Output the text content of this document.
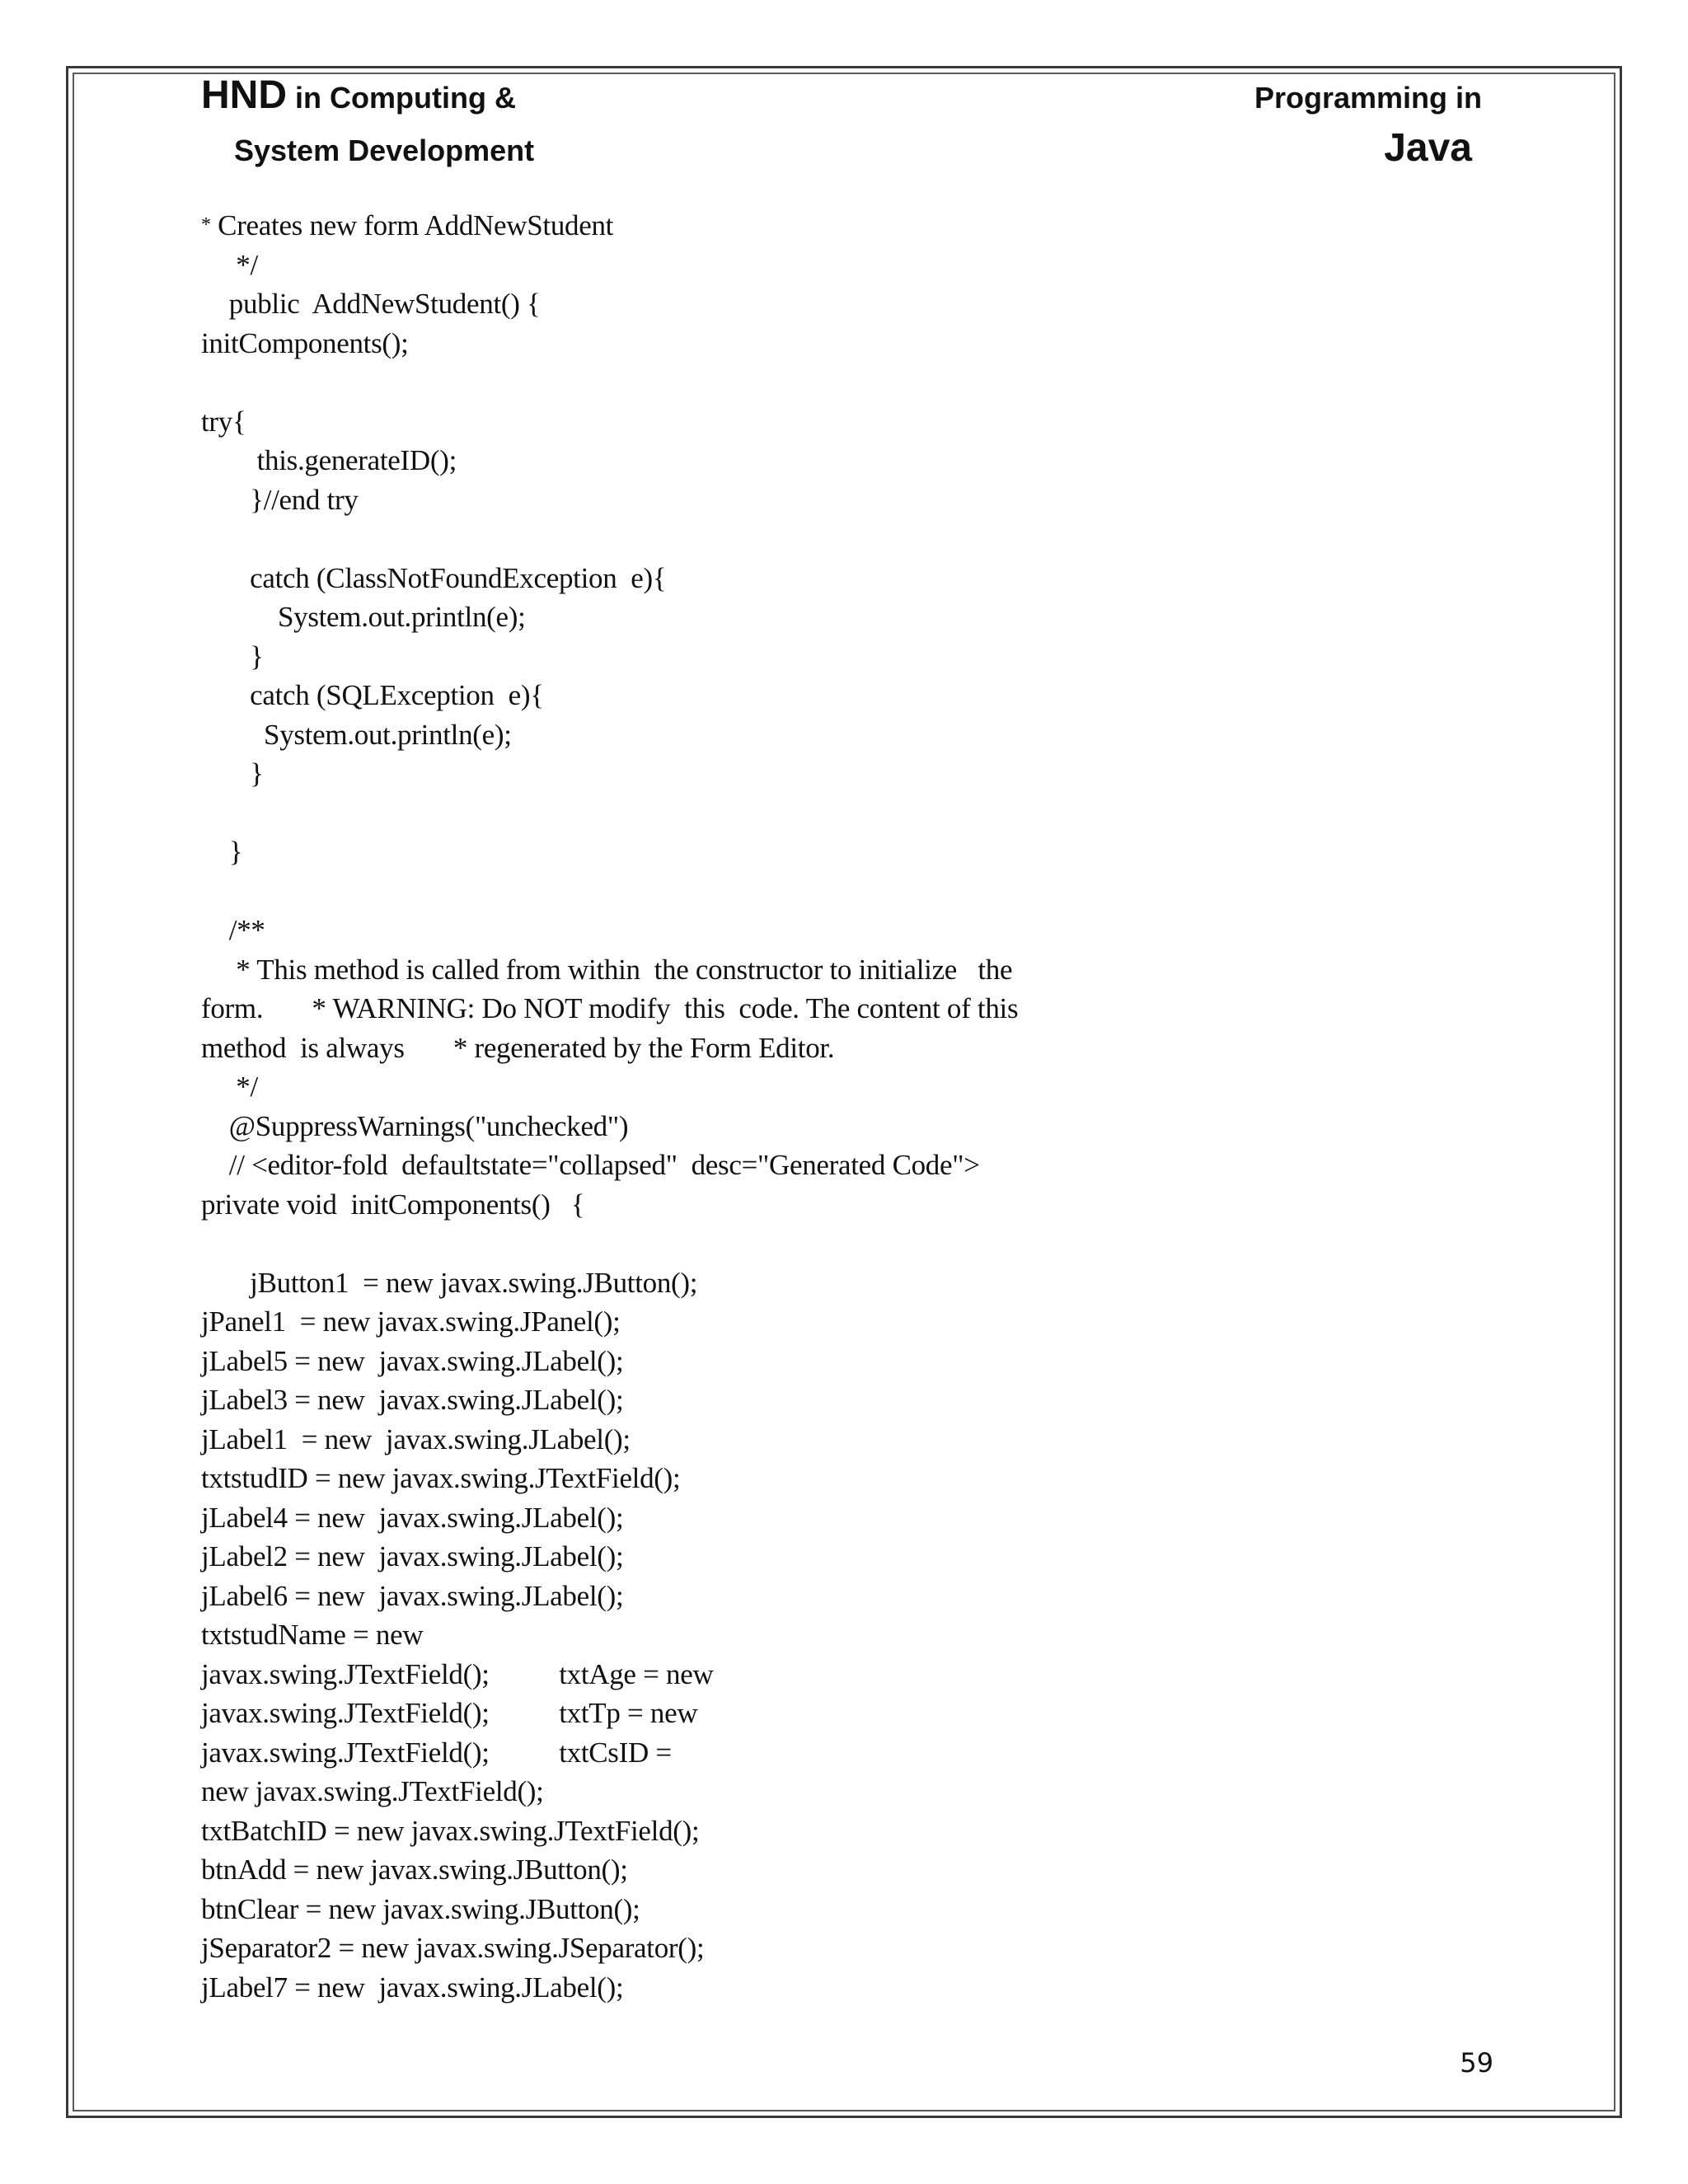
HND in Computing &
System Development
Programming in
Java
* Creates new form AddNewStudent
*/
public  AddNewStudent() {
initComponents();
try{
this.generateID();
}//end try
catch (ClassNotFoundException  e){
System.out.println(e);
}
catch (SQLException  e){
System.out.println(e);
}
}
/**
* This method is called from within  the constructor to initialize   the
form.       * WARNING: Do NOT modify  this  code. The content of this
method  is always       * regenerated by the Form Editor.
*/
@SuppressWarnings("unchecked")
// <editor-fold  defaultstate="collapsed"  desc="Generated Code">
private void  initComponents()   {
jButton1  = new javax.swing.JButton();
jPanel1  = new javax.swing.JPanel();
jLabel5 = new  javax.swing.JLabel();
jLabel3 = new  javax.swing.JLabel();
jLabel1  = new  javax.swing.JLabel();
txtstudID = new javax.swing.JTextField();
jLabel4 = new  javax.swing.JLabel();
jLabel2 = new  javax.swing.JLabel();
jLabel6 = new  javax.swing.JLabel();
txtstudName = new
javax.swing.JTextField();          txtAge = new
javax.swing.JTextField();          txtTp = new
javax.swing.JTextField();          txtCsID =
new javax.swing.JTextField();
txtBatchID = new javax.swing.JTextField();
btnAdd = new javax.swing.JButton();
btnClear = new javax.swing.JButton();
jSeparator2 = new javax.swing.JSeparator();
jLabel7 = new  javax.swing.JLabel();
59
